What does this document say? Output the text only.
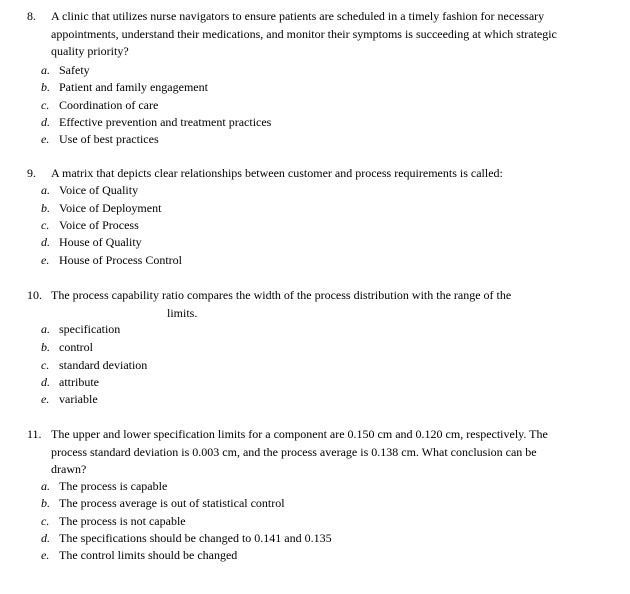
8. A clinic that utilizes nurse navigators to ensure patients are scheduled in a timely fashion for necessary
appointments, understand their medications, and monitor their symptoms is succeeding at which strategic
quality priority?
a. Safety
b. Patient and family engagement
c. Coordination of care
d. Effective prevention and treatment practices
e. Use of best practices
9. A matrix that depicts clear relationships between customer and process requirements is called:
a. Voice of Quality
b. Voice of Deployment
c. Voice of Process
d. House of Quality
e. House of Process Control
10. The process capability ratio compares the width of the process distribution with the range of the
limits.
a. specification
b. control
c. standard deviation
d. attribute
e. variable
11. The upper and lower specification limits for a component are 0.150 cm and 0.120 cm, respectively. The
process standard deviation is 0.003 cm, and the process average is 0.138 cm. What conclusion can be
drawn?
a. The process is capable
b. The process average is out of statistical control
c. The process is not capable
d. The specifications should be changed to 0.141 and 0.135
e. The control limits should be changed
